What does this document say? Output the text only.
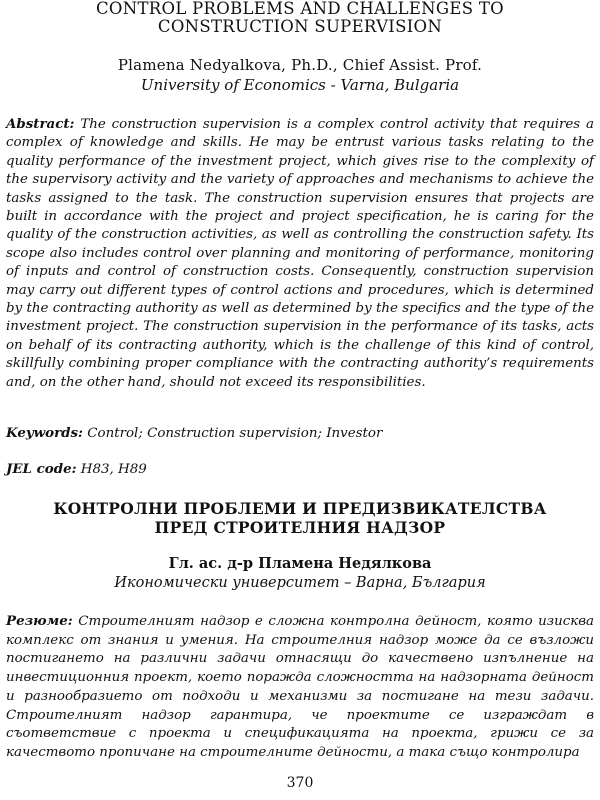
CONTROL PROBLEMS AND CHALLENGES TO
CONSTRUCTION SUPERVISION
Plamena Nedyalkova, Ph.D., Chief Assist. Prof.
University of Economics - Varna, Bulgaria
Abstract: The construction supervision is a complex control activity that requires a complex of knowledge and skills. He may be entrust various tasks relating to the quality performance of the investment project, which gives rise to the complexity of the supervisory activity and the variety of approaches and mechanisms to achieve the tasks assigned to the task. The construction supervision ensures that projects are built in accordance with the project and project specification, he is caring for the quality of the construction activities, as well as controlling the construction safety. Its scope also includes control over planning and monitoring of performance, monitoring of inputs and control of construction costs. Consequently, construction supervision may carry out different types of control actions and procedures, which is determined by the contracting authority as well as determined by the specifics and the type of the investment project. The construction supervision in the performance of its tasks, acts on behalf of its contracting authority, which is the challenge of this kind of control, skillfully combining proper compliance with the contracting authority’s requirements and, on the other hand, should not exceed its responsibilities.
Keywords: Control; Construction supervision; Investor
JEL code: H83, H89
КОНТРОЛНИ ПРОБЛЕМИ И ПРЕДИЗВИКАТЕЛСТВА
ПРЕД СТРОИТЕЛНИЯ НАДЗОР
Гл. ас. д-р Пламена Недялкова
Икономически университет – Варна, България
Резюме: Строителният надзор е сложна контролна дейност, която изисква комплекс от знания и умения. На строителния надзор може да се възложи постигането на различни задачи отнасящи до качествено изпълнение на инвестиционния проект, което поражда сложността на надзорната дейност и разнообразието от подходи и механизми за постигане на тези задачи. Строителният надзор гарантира, че проектите се изграждат в съответствие с проекта и спецификацията на проекта, грижи се за качеството пропичане на строителните дейности, а така също контролира
370
